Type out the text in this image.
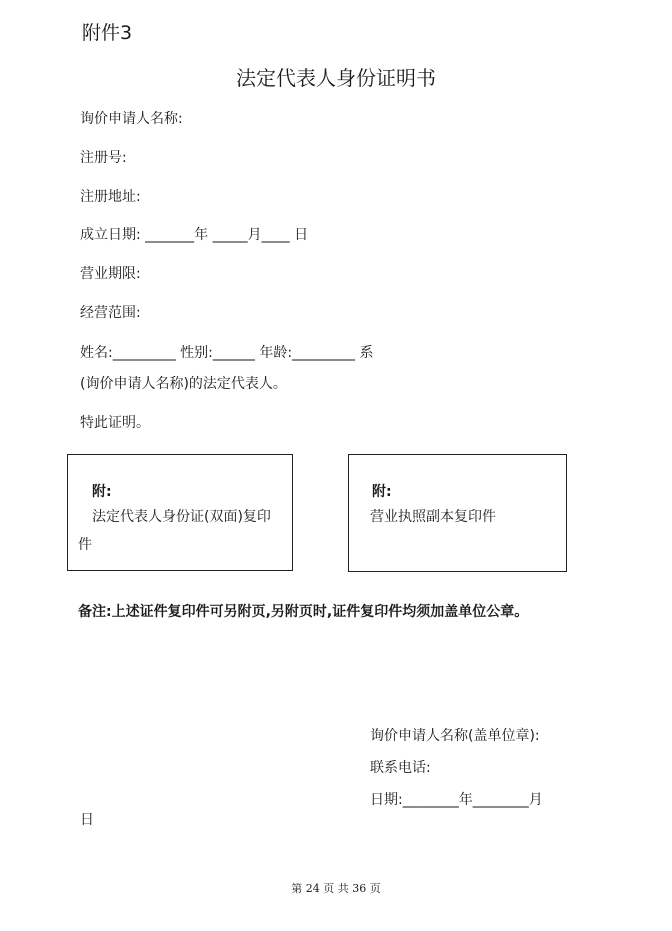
附件3
法定代表人身份证明书
询价申请人名称:
注册号:
注册地址:
成立日期: _______年 _____月____ 日
营业期限:
经营范围:
姓名:_________ 性别:______ 年龄:_________ 系
(询价申请人名称)的法定代表人。
特此证明。
附:
法定代表人身份证(双面)复印件
附:
营业执照副本复印件
备注:上述证件复印件可另附页,另附页时,证件复印件均须加盖单位公章。
询价申请人名称(盖单位章):
联系电话:
日期:________年________月
日
第 24 页 共 36 页
